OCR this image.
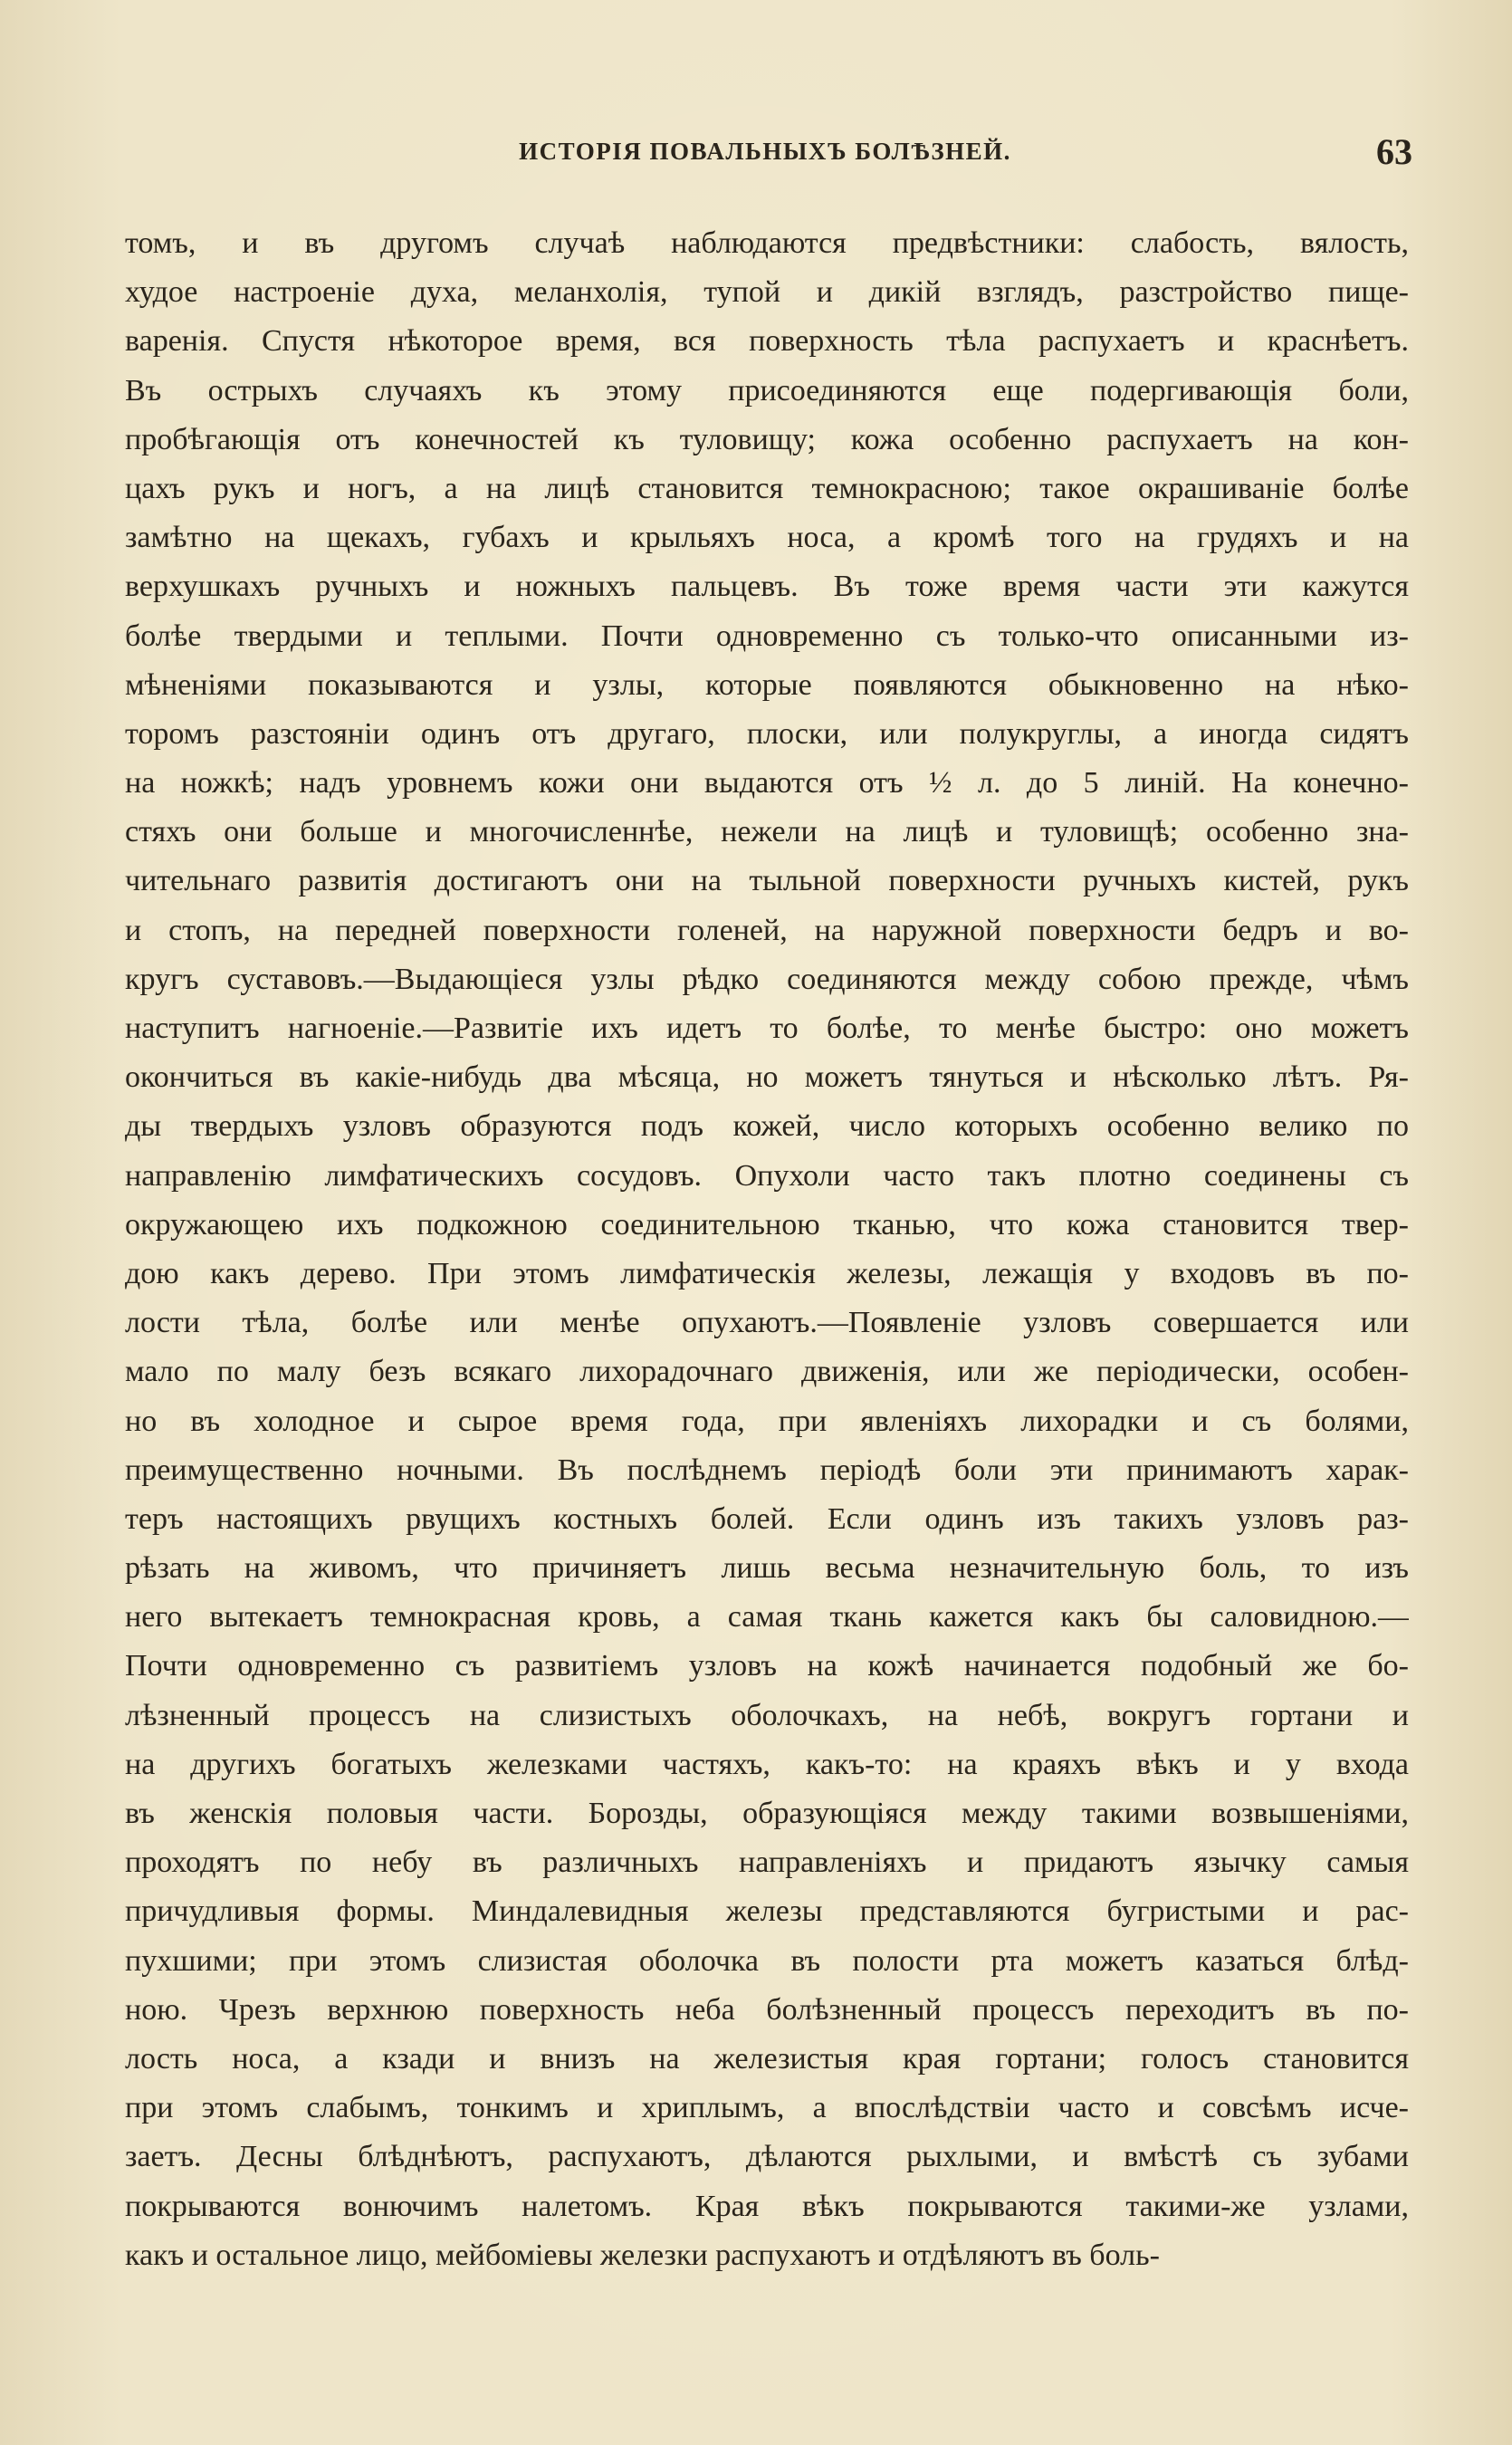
ИСТОРІЯ ПОВАЛЬНЫХЪ БОЛѢЗНЕЙ.	63
томъ, и въ другомъ случаѣ наблюдаются предвѣстники: слабость, вялость,
худое настроеніе духа, меланхолія, тупой и дикій взглядъ, разстройство пище-
варенія. Спустя нѣкоторое время, вся поверхность тѣла распухаетъ и краснѣетъ.
Въ острыхъ случаяхъ къ этому присоединяются еще подергивающія боли,
пробѣгающія отъ конечностей къ туловищу; кожа особенно распухаетъ на кон-
цахъ рукъ и ногъ, а на лицѣ становится темнокрасною; такое окрашиваніе болѣе
замѣтно на щекахъ, губахъ и крыльяхъ носа, а кромѣ того на грудяхъ и на
верхушкахъ ручныхъ и ножныхъ пальцевъ. Въ тоже время части эти кажутся
болѣе твердыми и теплыми. Почти одновременно съ только-что описанными из-
мѣненіями показываются и узлы, которые появляются обыкновенно на нѣко-
торомъ разстояніи одинъ отъ другаго, плоски, или полукруглы, а иногда сидятъ
на ножкѣ; надъ уровнемъ кожи они выдаются отъ ½ л. до 5 линій. На конечно-
стяхъ они больше и многочисленнѣе, нежели на лицѣ и туловищѣ; особенно зна-
чительнаго развитія достигаютъ они на тыльной поверхности ручныхъ кистей, рукъ
и стопъ, на передней поверхности голеней, на наружной поверхности бедръ и во-
кругъ суставовъ.—Выдающіеся узлы рѣдко соединяются между собою прежде, чѣмъ
наступитъ нагноеніе.—Развитіе ихъ идетъ то болѣе, то менѣе быстро: оно можетъ
окончиться въ какіе-нибудь два мѣсяца, но можетъ тянуться и нѣсколько лѣтъ. Ря-
ды твердыхъ узловъ образуются подъ кожей, число которыхъ особенно велико по
направленію лимфатическихъ сосудовъ. Опухоли часто такъ плотно соединены съ
окружающею ихъ подкожною соединительною тканью, что кожа становится твер-
дою какъ дерево. При этомъ лимфатическія железы, лежащія у входовъ въ по-
лости тѣла, болѣе или менѣе опухаютъ.—Появленіе узловъ совершается или
мало по малу безъ всякаго лихорадочнаго движенія, или же періодически, особен-
но въ холодное и сырое время года, при явленіяхъ лихорадки и съ болями,
преимущественно ночными. Въ послѣднемъ періодѣ боли эти принимаютъ харак-
теръ настоящихъ рвущихъ костныхъ болей. Если одинъ изъ такихъ узловъ раз-
рѣзать на живомъ, что причиняетъ лишь весьма незначительную боль, то изъ
него вытекаетъ темнокрасная кровь, а самая ткань кажется какъ бы саловидною.—
Почти одновременно съ развитіемъ узловъ на кожѣ начинается подобный же бо-
лѣзненный процессъ на слизистыхъ оболочкахъ, на небѣ, вокругъ гортани и
на другихъ богатыхъ железками частяхъ, какъ-то: на краяхъ вѣкъ и у входа
въ женскія половыя части. Борозды, образующіяся между такими возвышеніями,
проходятъ по небу въ различныхъ направленіяхъ и придаютъ язычку самыя
причудливыя формы. Миндалевидныя железы представляются бугристыми и рас-
пухшими; при этомъ слизистая оболочка въ полости рта можетъ казаться блѣд-
ною. Чрезъ верхнюю поверхность неба болѣзненный процессъ переходитъ въ по-
лость носа, а кзади и внизъ на железистыя края гортани; голосъ становится
при этомъ слабымъ, тонкимъ и хриплымъ, а впослѣдствіи часто и совсѣмъ исче-
заетъ. Десны блѣднѣютъ, распухаютъ, дѣлаются рыхлыми, и вмѣстѣ съ зубами
покрываются вонючимъ налетомъ. Края вѣкъ покрываются такими-же узлами,
какъ и остальное лицо, мейбоміевы железки распухаютъ и отдѣляютъ въ боль-
